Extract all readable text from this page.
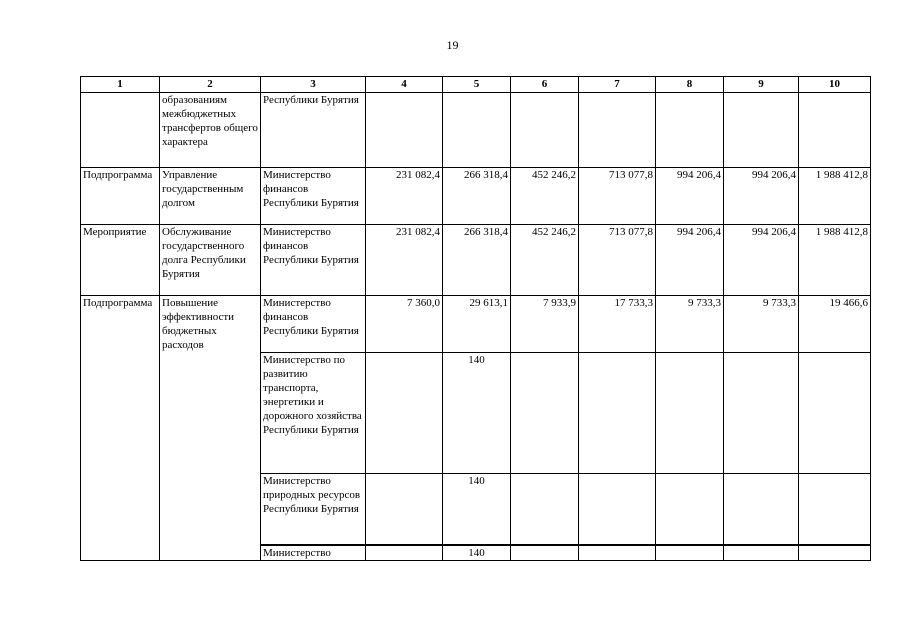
19
1	2	3	4	5	6	7	8	9	10
	образованиям межбюджетных трансфертов общего характера	Республики Бурятия							
Подпрограмма	Управление государственным долгом	Министерство финансов Республики Бурятия	231 082,4	266 318,4	452 246,2	713 077,8	994 206,4	994 206,4	1 988 412,8
Мероприятие	Обслуживание государственного долга Республики Бурятия	Министерство финансов Республики Бурятия	231 082,4	266 318,4	452 246,2	713 077,8	994 206,4	994 206,4	1 988 412,8
Подпрограмма	Повышение эффективности бюджетных расходов	Министерство финансов Республики Бурятия	7 360,0	29 613,1	7 933,9	17 733,3	9 733,3	9 733,3	19 466,6
		Министерство по развитию транспорта, энергетики и дорожного хозяйства Республики Бурятия		140					
		Министерство природных ресурсов Республики Бурятия		140					
		Министерство		140					
